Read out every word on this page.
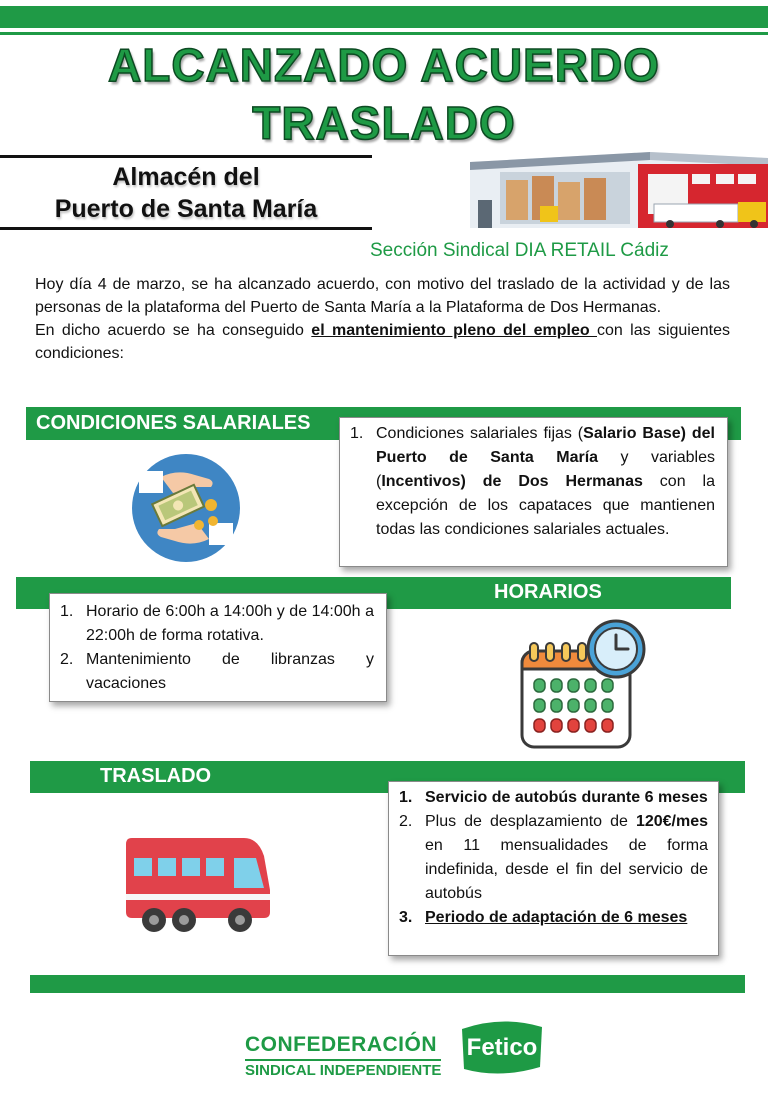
ALCANZADO ACUERDO
TRASLADO
Almacén del
Puerto de Santa María
Sección Sindical DIA RETAIL Cádiz

Hoy día 4 de marzo, se ha alcanzado acuerdo, con motivo del traslado de la actividad y de las personas de la plataforma del Puerto de Santa María a la Plataforma de Dos Hermanas.

En dicho acuerdo se ha conseguido el mantenimiento pleno del empleo con las siguientes condiciones:

CONDICIONES SALARIALES 1. Condiciones salariales fijas (Salario Base) del Puerto de Santa María y variables (Incentivos) de Dos Hermanas con la excepción de los capataces que mantienen todas las condiciones salariales actuales.
HORARIOS
1. Horario de 6:00h a 14:00h y de 14:00h a 22:00h de forma rotativa.
2. Mantenimiento de libranzas y vacaciones
TRASLADO
1. Servicio de autobús durante 6 meses
2. Plus de desplazamiento de 120€/mes en 11 mensualidades de forma indefinida, desde el fin del servicio de autobús
3. Periodo de adaptación de 6 meses
CONFEDERACIÓN
SINDICAL INDEPENDIENTE
Fetico
